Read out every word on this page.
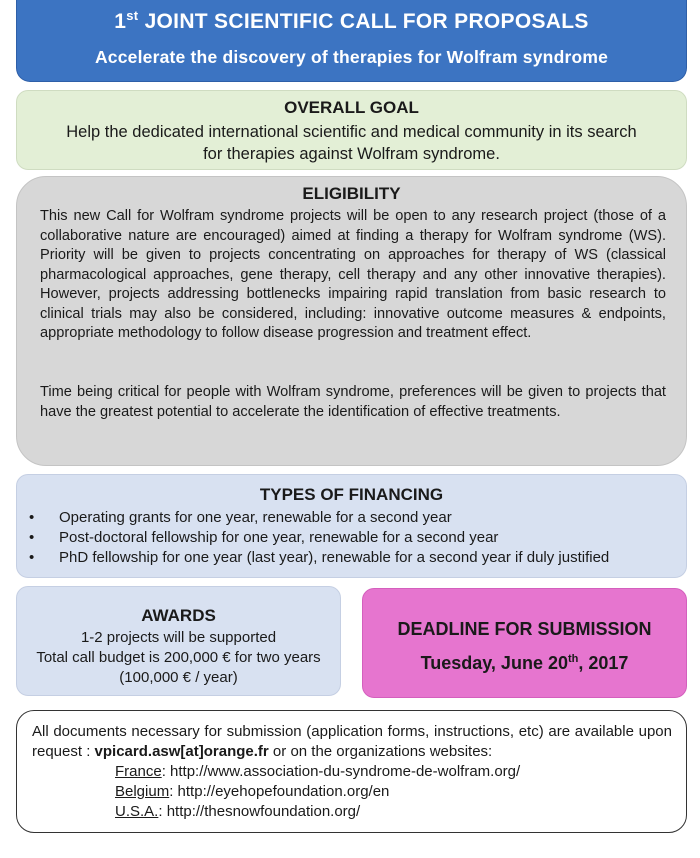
1st JOINT SCIENTIFIC CALL FOR PROPOSALS
Accelerate the discovery of therapies for Wolfram syndrome
OVERALL GOAL
Help the dedicated international scientific and medical community in its search for therapies against Wolfram syndrome.
ELIGIBILITY
This new Call for Wolfram syndrome projects will be open to any research project (those of a collaborative nature are encouraged) aimed at finding a therapy for Wolfram syndrome (WS). Priority will be given to projects concentrating on approaches for therapy of WS (classical pharmacological approaches, gene therapy, cell therapy and any other innovative therapies). However, projects addressing bottlenecks impairing rapid translation from basic research to clinical trials may also be considered, including: innovative outcome measures & endpoints, appropriate methodology to follow disease progression and treatment effect.
Time being critical for people with Wolfram syndrome, preferences will be given to projects that have the greatest potential to accelerate the identification of effective treatments.
TYPES OF FINANCING
• Operating grants for one year, renewable for a second year
• Post-doctoral fellowship for one year, renewable for a second year
• PhD fellowship for one year (last year), renewable for a second year if duly justified
AWARDS
1-2 projects will be supported
Total call budget is 200,000 € for two years (100,000 € / year)
DEADLINE FOR SUBMISSION
Tuesday, June 20th, 2017
All documents necessary for submission (application forms, instructions, etc) are available upon request : vpicard.asw[at]orange.fr or on the organizations websites:
France: http://www.association-du-syndrome-de-wolfram.org/
Belgium: http://eyehopefoundation.org/en
U.S.A.: http://thesnowfoundation.org/
